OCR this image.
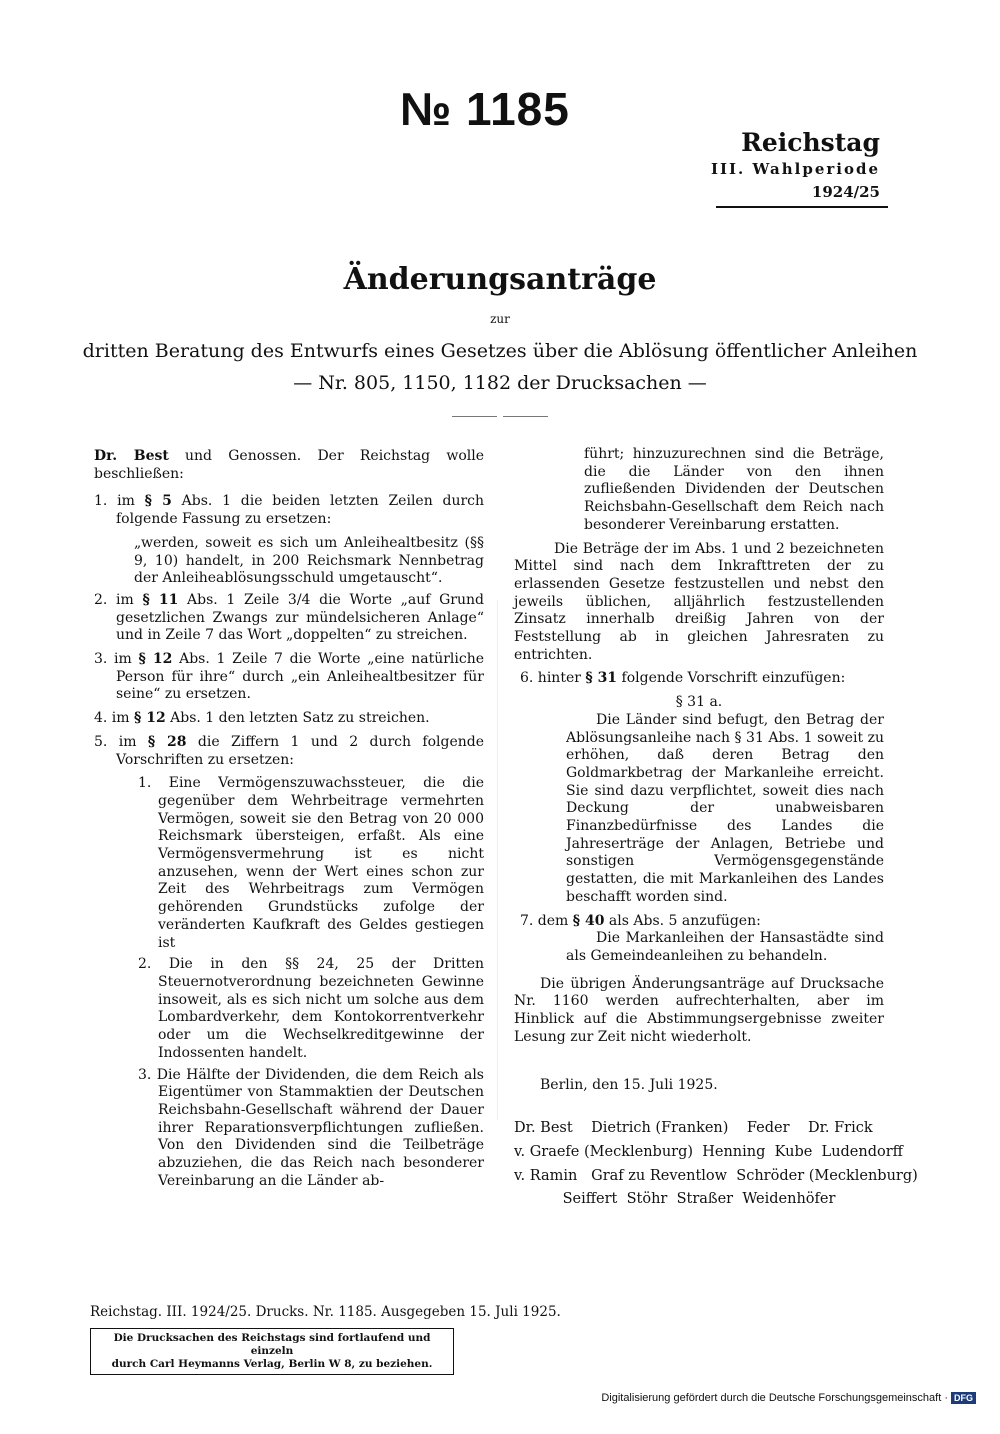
№ 1185
Reichstag
III. Wahlperiode
1924/25
Änderungsanträge
zur
dritten Beratung des Entwurfs eines Gesetzes über die Ablösung öffentlicher Anleihen
— Nr. 805, 1150, 1182 der Drucksachen —

Dr. Best und Genossen. Der Reichstag wolle beschließen:

1. im § 5 Abs. 1 die beiden letzten Zeilen durch folgende Fassung zu ersetzen:

„werden, soweit es sich um Anleihealtbesitz (§§ 9, 10) handelt, in 200 Reichsmark Nennbetrag der Anleiheablösungsschuld umgetauscht“.

2. im § 11 Abs. 1 Zeile 3/4 die Worte „auf Grund gesetzlichen Zwangs zur mündelsicheren Anlage“ und in Zeile 7 das Wort „doppelten“ zu streichen.

3. im § 12 Abs. 1 Zeile 7 die Worte „eine natürliche Person für ihre“ durch „ein Anleihealtbesitzer für seine“ zu ersetzen.

4. im § 12 Abs. 1 den letzten Satz zu streichen.

5. im § 28 die Ziffern 1 und 2 durch folgende Vorschriften zu ersetzen:

1. Eine Vermögenszuwachssteuer, die die gegenüber dem Wehrbeitrage vermehrten Vermögen, soweit sie den Betrag von 20 000 Reichsmark übersteigen, erfaßt. Als eine Vermögensvermehrung ist es nicht anzusehen, wenn der Wert eines schon zur Zeit des Wehrbeitrags zum Vermögen gehörenden Grundstücks zufolge der veränderten Kaufkraft des Geldes gestiegen ist

2. Die in den §§ 24, 25 der Dritten Steuernotverordnung bezeichneten Gewinne insoweit, als es sich nicht um solche aus dem Lombardverkehr, dem Kontokorrentverkehr oder um die Wechselkreditgewinne der Indossenten handelt.

3. Die Hälfte der Dividenden, die dem Reich als Eigentümer von Stammaktien der Deutschen Reichsbahn-Gesellschaft während der Dauer ihrer Reparationsverpflichtungen zufließen. Von den Dividenden sind die Teilbeträge abzuziehen, die das Reich nach besonderer Vereinbarung an die Länder ab-

führt; hinzuzurechnen sind die Beträge, die die Länder von den ihnen zufließenden Dividenden der Deutschen Reichsbahn-Gesellschaft dem Reich nach besonderer Vereinbarung erstatten.

Die Beträge der im Abs. 1 und 2 bezeichneten Mittel sind nach dem Inkrafttreten der zu erlassenden Gesetze festzustellen und nebst den jeweils üblichen, alljährlich festzustellenden Zinsatz innerhalb dreißig Jahren von der Feststellung ab in gleichen Jahresraten zu entrichten.

6. hinter § 31 folgende Vorschrift einzufügen:

§ 31 a.

Die Länder sind befugt, den Betrag der Ablösungsanleihe nach § 31 Abs. 1 soweit zu erhöhen, daß deren Betrag den Goldmarkbetrag der Markanleihe erreicht. Sie sind dazu verpflichtet, soweit dies nach Deckung der unabweisbaren Finanzbedürfnisse des Landes die Jahreserträge der Anlagen, Betriebe und sonstigen Vermögensgegenstände gestatten, die mit Markanleihen des Landes beschafft worden sind.

7. dem § 40 als Abs. 5 anzufügen:

Die Markanleihen der Hansastädte sind als Gemeindeanleihen zu behandeln.

Die übrigen Änderungsanträge auf Drucksache Nr. 1160 werden aufrechterhalten, aber im Hinblick auf die Abstimmungsergebnisse zweiter Lesung zur Zeit nicht wiederholt.

Berlin, den 15. Juli 1925.

Dr. Best    Dietrich (Franken)    Feder    Dr. Frick

v. Graefe (Mecklenburg)  Henning  Kube  Ludendorff

v. Ramin   Graf zu Reventlow  Schröder (Mecklenburg)

Seiffert  Stöhr  Straßer  Weidenhöfer

Reichstag. III. 1924/25. Drucks. Nr. 1185. Ausgegeben 15. Juli 1925.
Die Drucksachen des Reichstags sind fortlaufend und einzeln
durch Carl Heymanns Verlag, Berlin W 8, zu beziehen.
Digitalisierung gefördert durch die Deutsche Forschungsgemeinschaft · DFG
